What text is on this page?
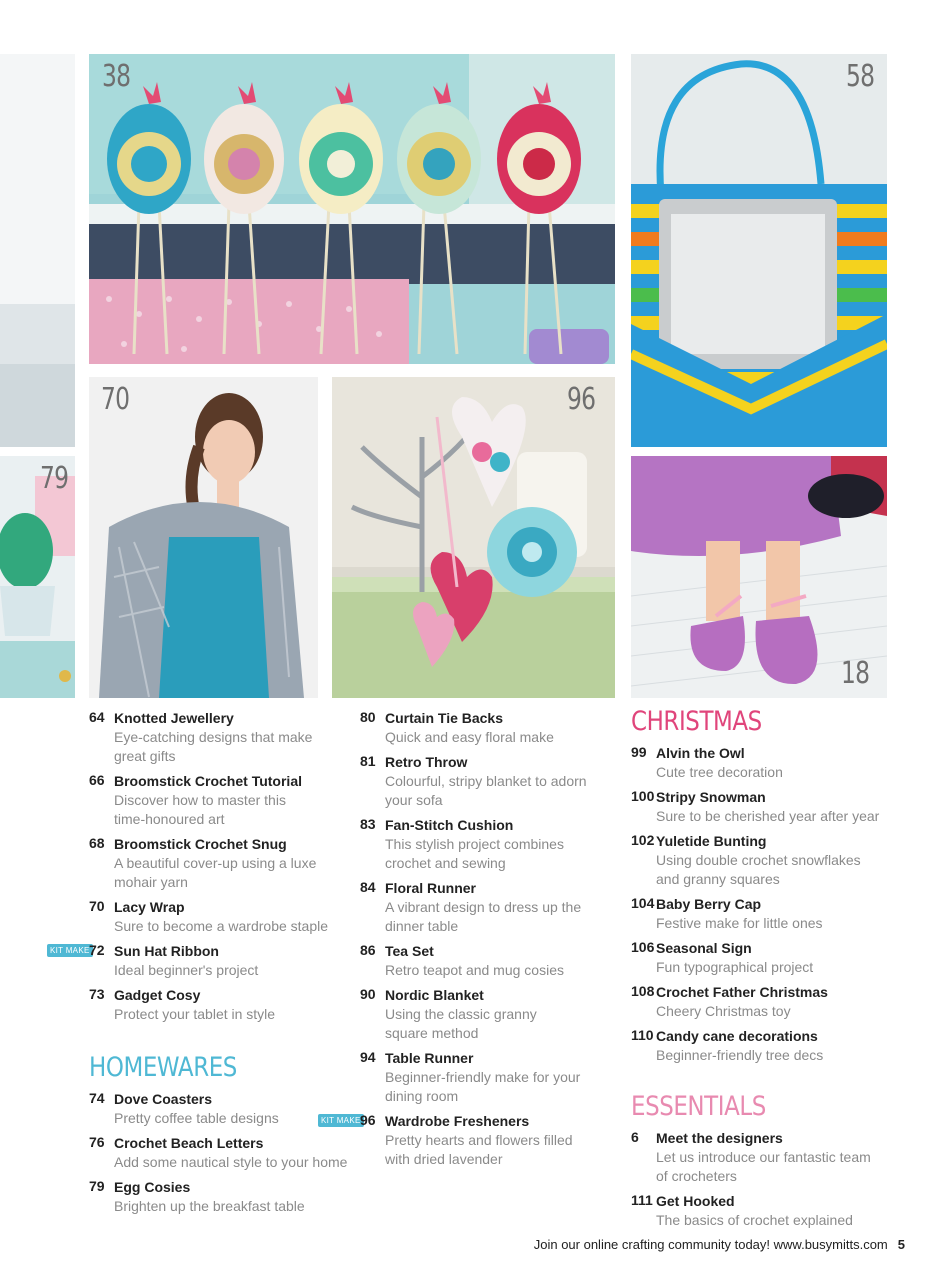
38	58
70	96
79
18
64 Knotted Jewellery
Eye-catching designs that make
great gifts
66 Broomstick Crochet Tutorial
Discover how to master this
time-honoured art
68 Broomstick Crochet Snug
A beautiful cover-up using a luxe
mohair yarn
70 Lacy Wrap
Sure to become a wardrobe staple
KIT MAKE 72 Sun Hat Ribbon
Ideal beginner's project
73 Gadget Cosy
Protect your tablet in style
HOMEWARES
74 Dove Coasters
Pretty coffee table designs
76 Crochet Beach Letters
Add some nautical style to your home
79 Egg Cosies
Brighten up the breakfast table
80 Curtain Tie Backs
Quick and easy floral make
81 Retro Throw
Colourful, stripy blanket to adorn
your sofa
83 Fan-Stitch Cushion
This stylish project combines
crochet and sewing
84 Floral Runner
A vibrant design to dress up the
dinner table
86 Tea Set
Retro teapot and mug cosies
90 Nordic Blanket
Using the classic granny
square method
94 Table Runner
Beginner-friendly make for your
dining room
KIT MAKE 96 Wardrobe Fresheners
Pretty hearts and flowers filled
with dried lavender
CHRISTMAS
99 Alvin the Owl
Cute tree decoration
100 Stripy Snowman
Sure to be cherished year after year
102 Yuletide Bunting
Using double crochet snowflakes
and granny squares
104 Baby Berry Cap
Festive make for little ones
106 Seasonal Sign
Fun typographical project
108 Crochet Father Christmas
Cheery Christmas toy
110 Candy cane decorations
Beginner-friendly tree decs
ESSENTIALS
6 Meet the designers
Let us introduce our fantastic team
of crocheters
111 Get Hooked
The basics of crochet explained
Join our online crafting community today! www.busymitts.com 5
